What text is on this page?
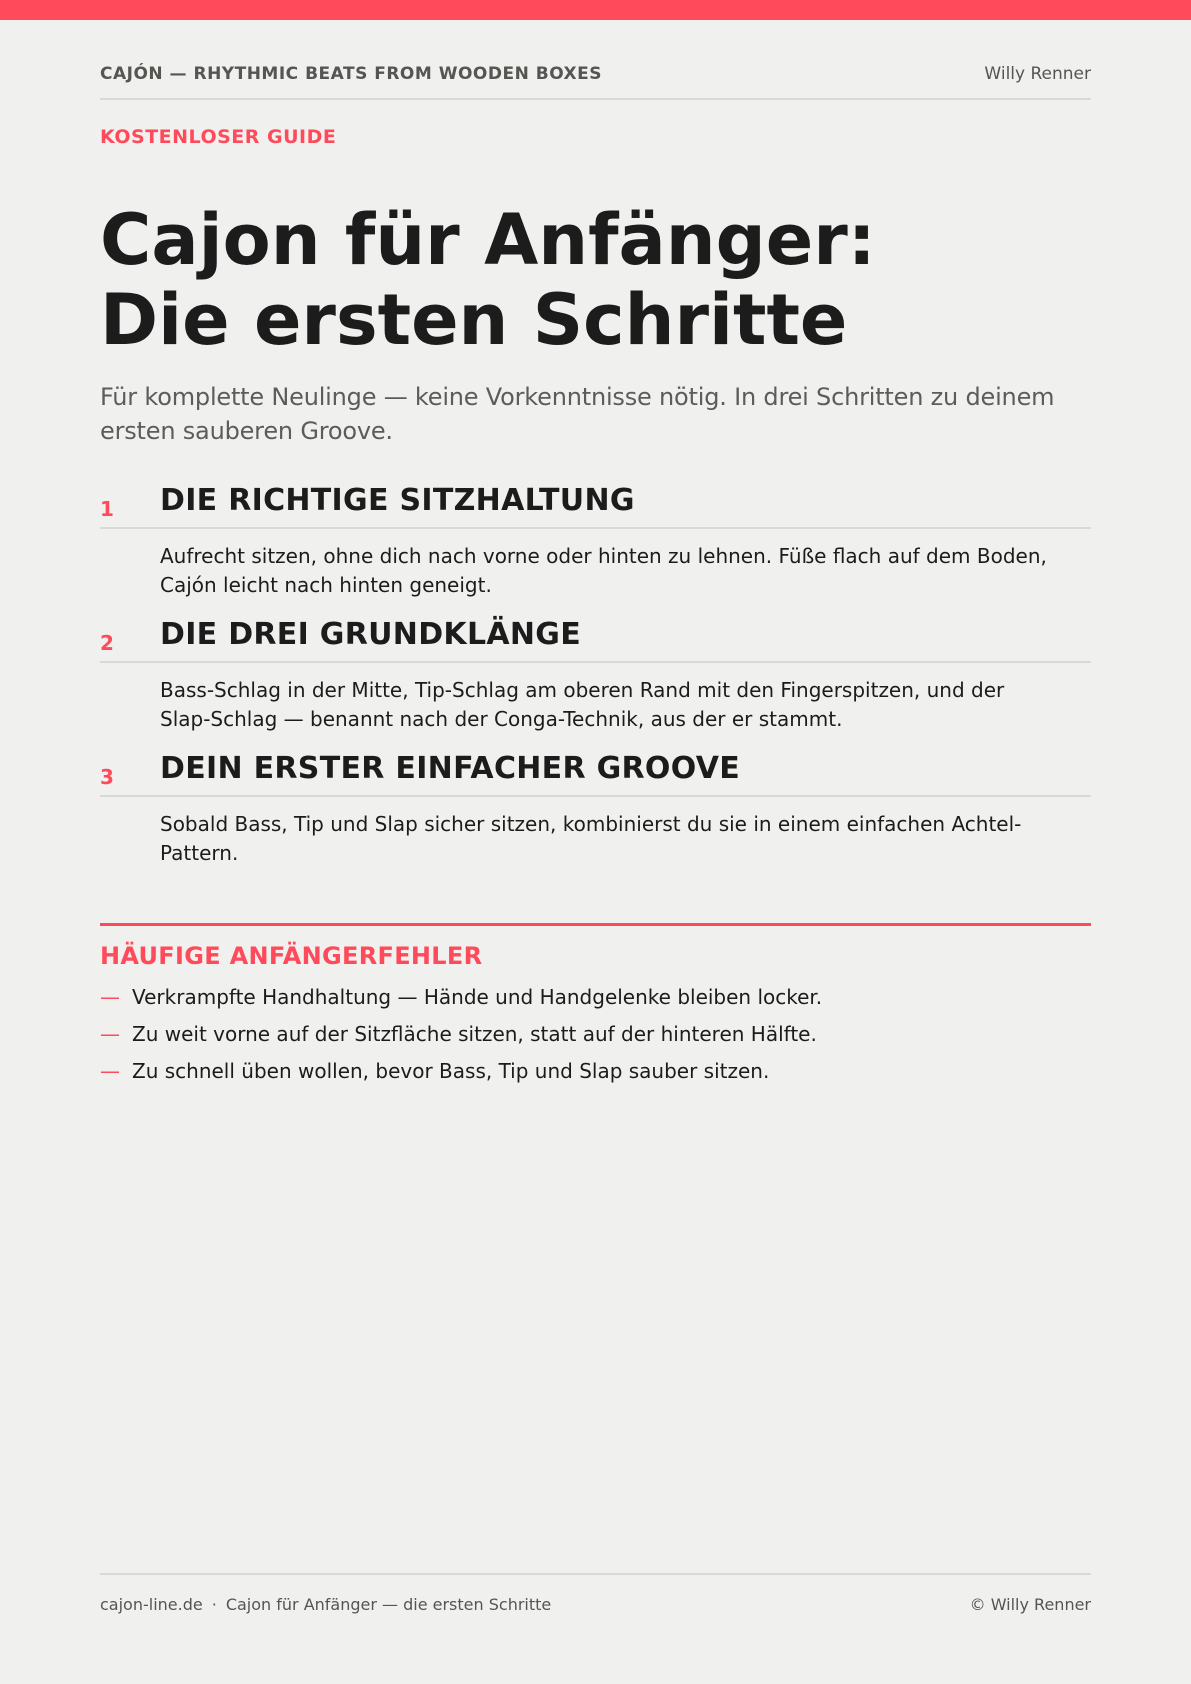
CAJÓN — RHYTHMIC BEATS FROM WOODEN BOXES	Willy Renner
KOSTENLOSER GUIDE
Cajon für Anfänger:
Die ersten Schritte

Für komplette Neulinge — keine Vorkenntnisse nötig. In drei Schritten zu deinem ersten sauberen Groove.

1 DIE RICHTIGE SITZHALTUNG

Aufrecht sitzen, ohne dich nach vorne oder hinten zu lehnen. Füße flach auf dem Boden, Cajón leicht nach hinten geneigt.

2 DIE DREI GRUNDKLÄNGE

Bass-Schlag in der Mitte, Tip-Schlag am oberen Rand mit den Fingerspitzen, und der Slap-Schlag — benannt nach der Conga-Technik, aus der er stammt.

3 DEIN ERSTER EINFACHER GROOVE

Sobald Bass, Tip und Slap sicher sitzen, kombinierst du sie in einem einfachen Achtel-Pattern.

HÄUFIGE ANFÄNGERFEHLER
— Verkrampfte Handhaltung — Hände und Handgelenke bleiben locker.
— Zu weit vorne auf der Sitzfläche sitzen, statt auf der hinteren Hälfte.
— Zu schnell üben wollen, bevor Bass, Tip und Slap sauber sitzen.
cajon-line.de · Cajon für Anfänger — die ersten Schritte	© Willy Renner
